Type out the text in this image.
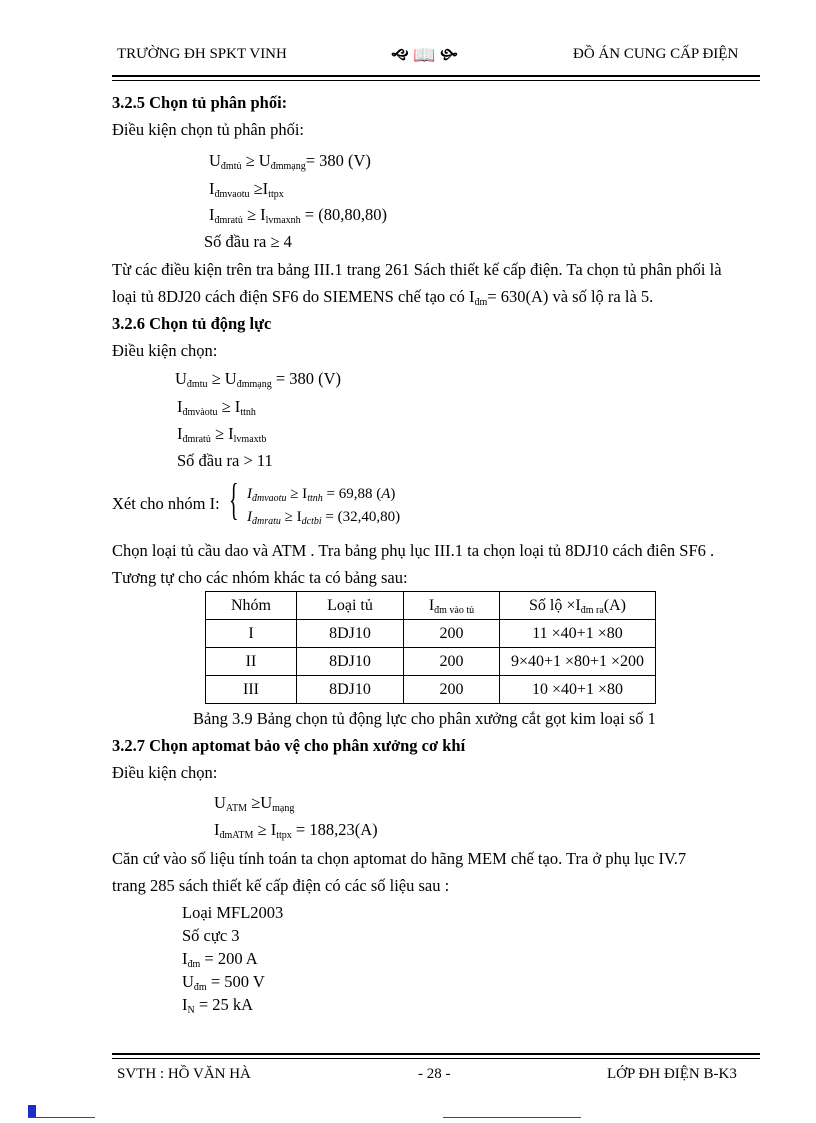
TRƯỜNG ĐH SPKT VINH	🙙 📖 🙛	ĐỒ ÁN CUNG CẤP ĐIỆN
3.2.5 Chọn tủ phân phối:
Điều kiện chọn tủ phân phối:
$U_{đmtủ} \ge U_{đmmạng}= 380$ (V)
$I_{đmvaotu} \ge I_{ttpx}$
$I_{đmratủ} \ge I_{lvmaxnh} = (80,80,80)$
Số đầu ra ≥ 4
Từ các điều kiện trên tra bảng III.1 trang 261 Sách thiết kế cấp điện. Ta chọn tủ phân phối là
loại tủ 8DJ20 cách điện SF6 do SIEMENS chế tạo có $I_{đm}= 630(A)$ và số lộ ra là 5.
3.2.6 Chọn tủ động lực
Điều kiện chọn:
$U_{đmtu} \ge U_{đmmạng} = 380$ (V)
$I_{đmvàotu} \ge I_{ttnh}$
$I_{đmratủ} \ge I_{lvmaxtb}$
Số đầu ra > 11
Xét cho nhóm I: { $I_{đmvaotu} \ge I_{ttnh} = 69,88$ (A)
$I_{đmratu} \ge I_{dctbi} = (32,40,80)$
Chọn loại tủ cầu dao và ATM . Tra bảng phụ lục III.1 ta chọn loại tủ 8DJ10 cách điên SF6 .
Tương tự cho các nhóm khác ta có bảng sau:
Nhóm	Loại tủ	$I_{đm vào tủ}$	Số lộ $\times I_{đm ra}(A)$
I	8DJ10	200	11 ×40+1 ×80
II	8DJ10	200	9×40+1 ×80+1 ×200
III	8DJ10	200	10 ×40+1 ×80
Bảng 3.9 Bảng chọn tủ động lực cho phân xưởng cắt gọt kim loại số 1
3.2.7 Chọn aptomat bảo vệ cho phân xưởng cơ khí
Điều kiện chọn:
$U_{ATM} \ge U_{mạng}$
$I_{đmATM} \ge I_{ttpx} = 188,23(A)$
Căn cứ vào số liệu tính toán ta chọn aptomat do hãng MEM chế tạo. Tra ở phụ lục IV.7
trang 285 sách thiết kế cấp điện có các số liệu sau :
Loại MFL2003
Số cực 3
$I_{đm} = 200$ A
$U_{đm} = 500$ V
$I_N = 25$ kA
SVTH : HỒ VĂN HÀ	- 28 -	LỚP ĐH ĐIỆN B-K3
